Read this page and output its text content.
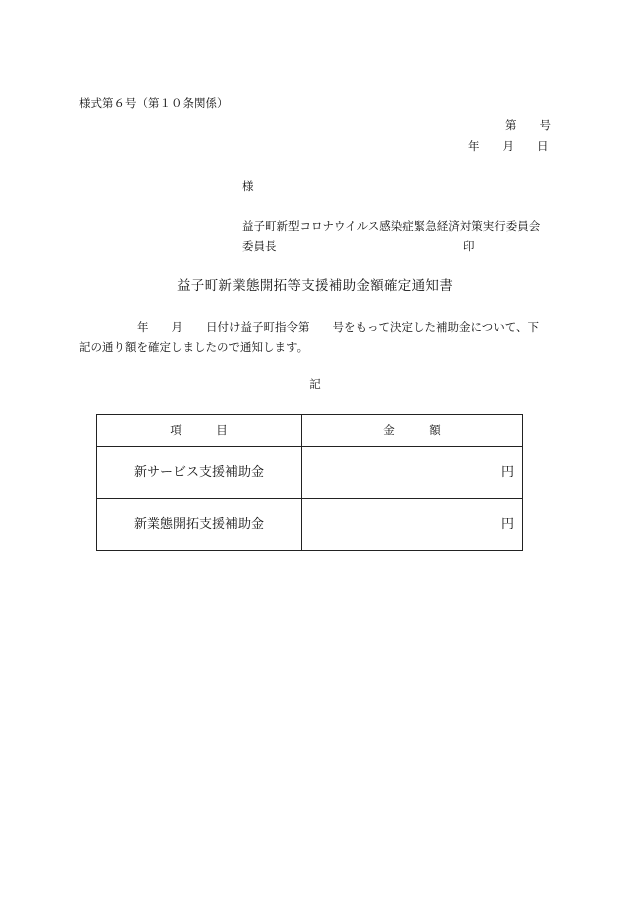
様式第６号（第１０条関係）
第　　号
年　　月　　日
様
益子町新型コロナウイルス感染症緊急経済対策実行委員会
委員長	印
益子町新業態開拓等支援補助金額確定通知書
年　　月　　日付け益子町指令第　　号をもって決定した補助金について、下
記の通り額を確定しましたので通知します。
記
項　　　目	金　　　額
新サービス支援補助金	円
新業態開拓支援補助金	円
